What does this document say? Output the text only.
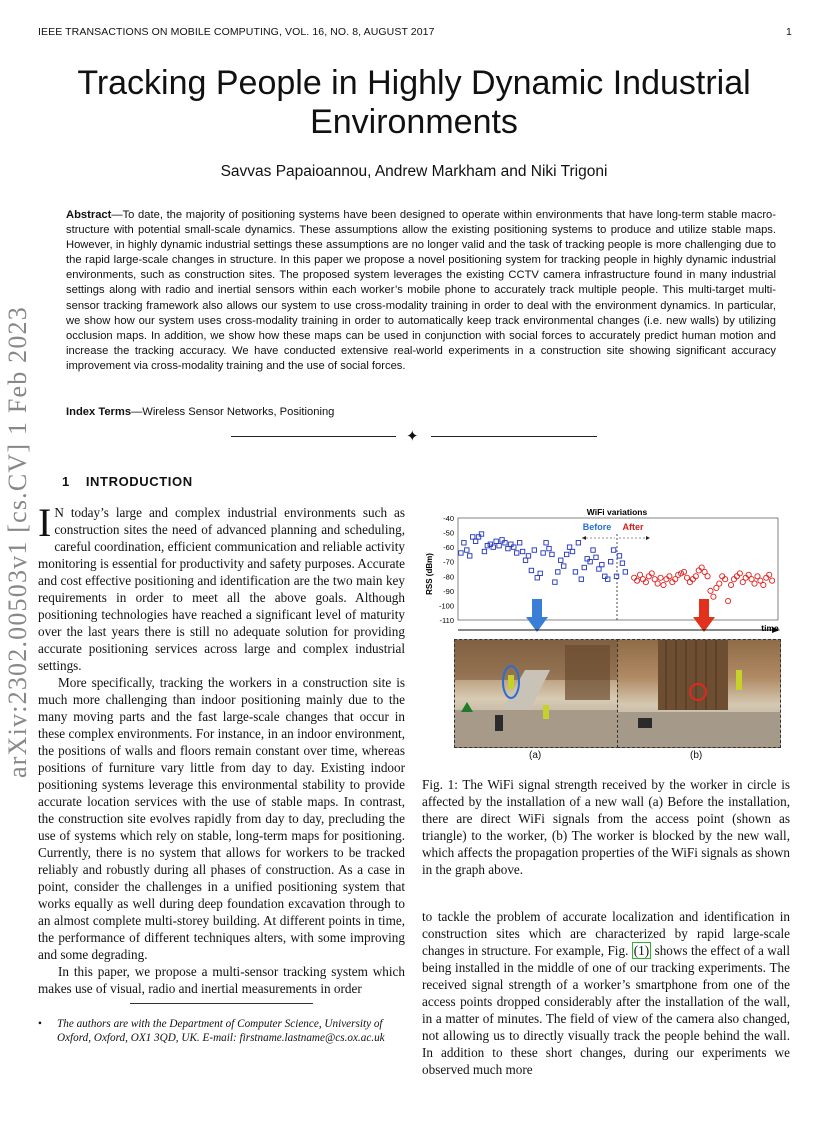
IEEE TRANSACTIONS ON MOBILE COMPUTING, VOL. 16, NO. 8, AUGUST 2017	1
arXiv:2302.00503v1 [cs.CV] 1 Feb 2023
Tracking People in Highly Dynamic Industrial Environments
Savvas Papaioannou, Andrew Markham and Niki Trigoni
Abstract—To date, the majority of positioning systems have been designed to operate within environments that have long-term stable macro-structure with potential small-scale dynamics. These assumptions allow the existing positioning systems to produce and utilize stable maps. However, in highly dynamic industrial settings these assumptions are no longer valid and the task of tracking people is more challenging due to the rapid large-scale changes in structure. In this paper we propose a novel positioning system for tracking people in highly dynamic industrial environments, such as construction sites. The proposed system leverages the existing CCTV camera infrastructure found in many industrial settings along with radio and inertial sensors within each worker’s mobile phone to accurately track multiple people. This multi-target multi-sensor tracking framework also allows our system to use cross-modality training in order to deal with the environment dynamics. In particular, we show how our system uses cross-modality training in order to automatically keep track environmental changes (i.e. new walls) by utilizing occlusion maps. In addition, we show how these maps can be used in conjunction with social forces to accurately predict human motion and increase the tracking accuracy. We have conducted extensive real-world experiments in a construction site showing significant accuracy improvement via cross-modality training and the use of social forces.
Index Terms—Wireless Sensor Networks, Positioning
✦
1 INTRODUCTION

I N today’s large and complex industrial environments such as construction sites the need of advanced planning and scheduling, careful coordination, efficient communication and reliable activity monitoring is essential for productivity and safety purposes. Accurate and cost effective positioning and identification are the two main key requirements in order to meet all the above goals. Although positioning technologies have reached a significant level of maturity over the last years there is still no adequate solution for providing accurate positioning services across large and complex industrial settings.

More specifically, tracking the workers in a construction site is much more challenging than indoor positioning mainly due to the many moving parts and the fast large-scale changes that occur in these complex environments. For instance, in an indoor environment, the positions of walls and floors remain constant over time, whereas positions of furniture vary little from day to day. Existing indoor positioning systems leverage this environmental stability to provide accurate location services with the use of stable maps. In contrast, the construction site evolves rapidly from day to day, precluding the use of systems which rely on stable, long-term maps for positioning. Currently, there is no system that allows for workers to be tracked reliably and robustly during all phases of construction. As a case in point, consider the challenges in a unified positioning system that works equally as well during deep foundation excavation through to an almost complete multi-storey building. At different points in time, the performance of different techniques alters, with some improving and some degrading.

In this paper, we propose a multi-sensor tracking system which makes use of visual, radio and inertial measurements in order

• The authors are with the Department of Computer Science, University of Oxford, Oxford, OX1 3QD, UK. E-mail: firstname.lastname@cs.ox.ac.uk
WiFi variations
RSS (dBm)
-40
-50
-60
-70
-80
-90
-100
-110
Before After
time
(a)	(b)
Fig. 1: The WiFi signal strength received by the worker in circle is affected by the installation of a new wall (a) Before the installation, there are direct WiFi signals from the access point (shown as triangle) to the worker, (b) The worker is blocked by the new wall, which affects the propagation properties of the WiFi signals as shown in the graph above.

to tackle the problem of accurate localization and identification in construction sites which are characterized by rapid large-scale changes in structure. For example, Fig. (1) shows the effect of a wall being installed in the middle of one of our tracking experiments. The received signal strength of a worker’s smartphone from one of the access points dropped considerably after the installation of the wall, in a matter of minutes. The field of view of the camera also changed, not allowing us to directly visually track the people behind the wall. In addition to these short changes, during our experiments we observed much more
